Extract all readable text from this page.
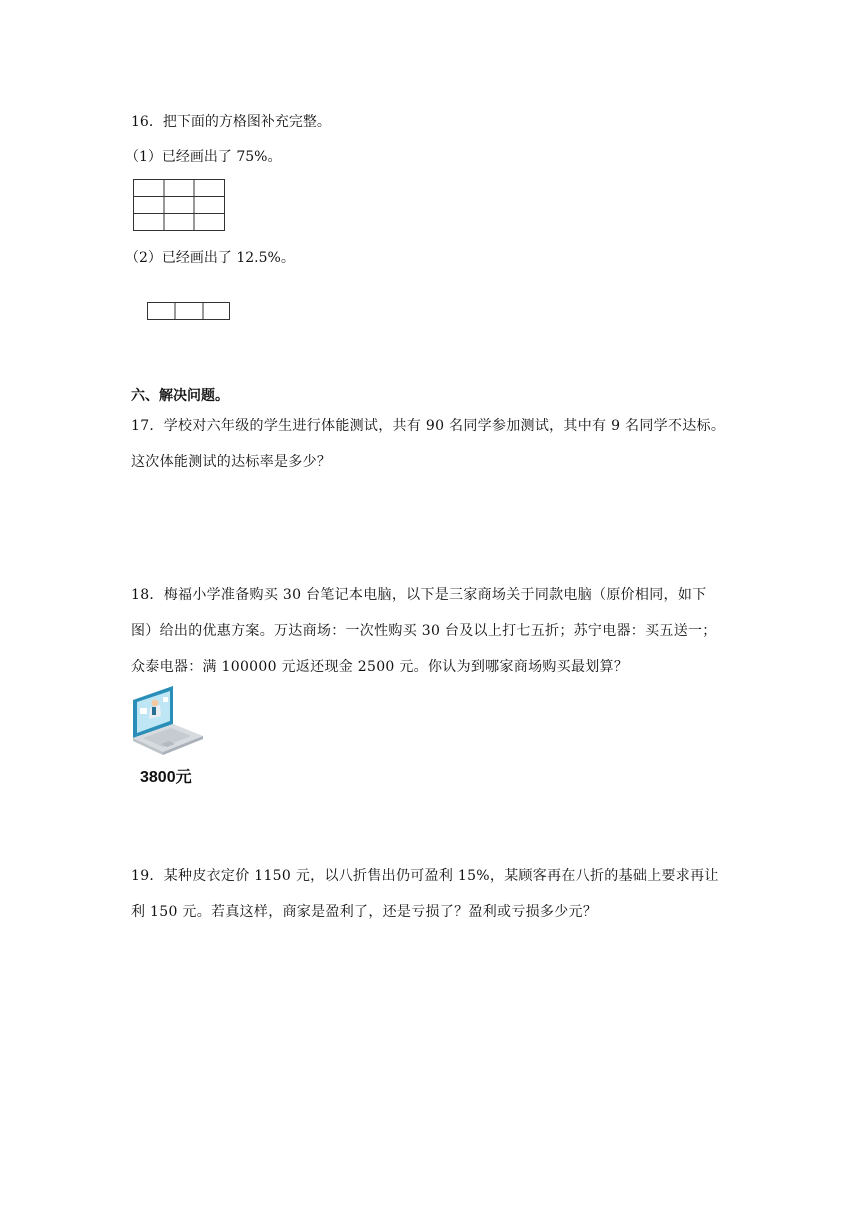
16．把下面的方格图补充完整。
（1）已经画出了 75%。
（2）已经画出了 12.5%。
六、解决问题。
17．学校对六年级的学生进行体能测试，共有 90 名同学参加测试，其中有 9 名同学不达标。
这次体能测试的达标率是多少？
18．梅福小学准备购买 30 台笔记本电脑，以下是三家商场关于同款电脑（原价相同，如下
图）给出的优惠方案。万达商场：一次性购买 30 台及以上打七五折；苏宁电器：买五送一；
众泰电器：满 100000 元返还现金 2500 元。你认为到哪家商场购买最划算？
3800元
19．某种皮衣定价 1150 元，以八折售出仍可盈利 15%，某顾客再在八折的基础上要求再让
利 150 元。若真这样，商家是盈利了，还是亏损了？盈利或亏损多少元？
